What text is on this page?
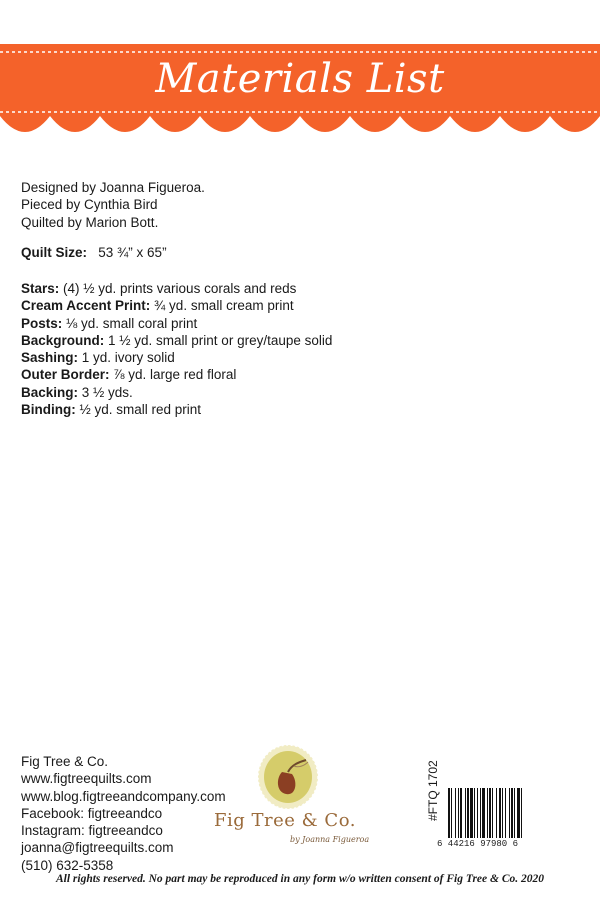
Materials List
Designed by Joanna Figueroa.
Pieced by Cynthia Bird
Quilted by Marion Bott.
Quilt Size: 53 ¾” x 65”
Stars: (4) ½ yd. prints various corals and reds
Cream Accent Print: ¾ yd. small cream print
Posts: ⅛ yd. small coral print
Background: 1 ½ yd. small print or grey/taupe solid
Sashing: 1 yd. ivory solid
Outer Border: ⅞ yd. large red floral
Backing: 3 ½ yds.
Binding: ½ yd. small red print
Fig Tree & Co.
www.figtreequilts.com
www.blog.figtreeandcompany.com
Facebook: figtreeandco
Instagram: figtreeandco
joanna@figtreequilts.com
(510) 632-5358
Fig Tree & Co.
by Joanna Figueroa
#FTQ 1702
6 44216 97980 6
All rights reserved. No part may be reproduced in any form w/o written consent of Fig Tree & Co. 2020
